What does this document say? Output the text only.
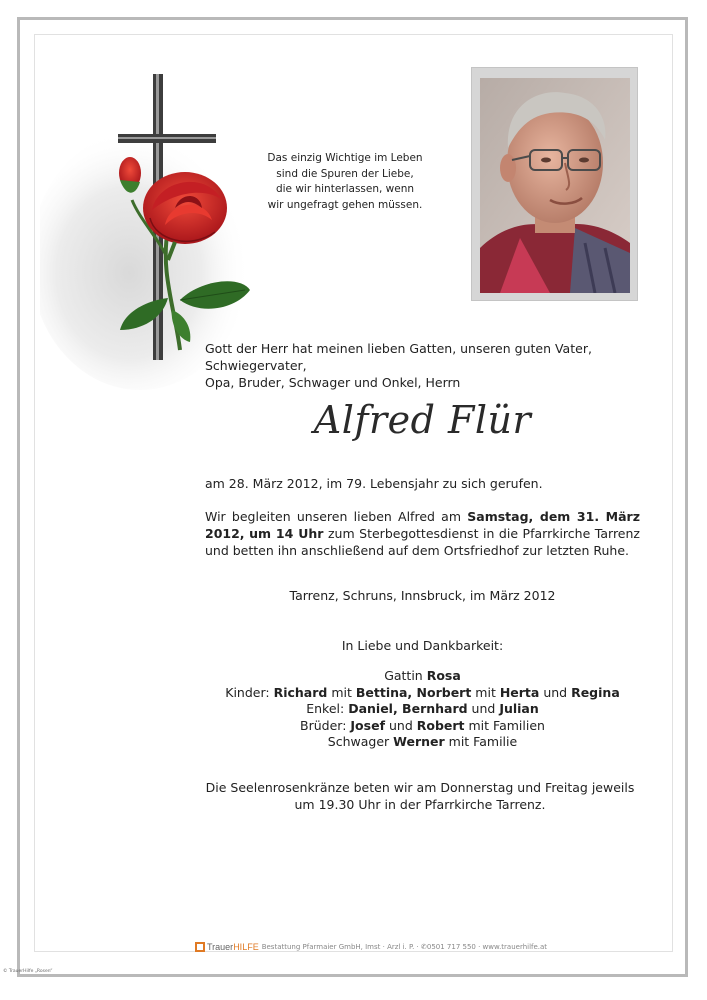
Das einzig Wichtige im Leben
sind die Spuren der Liebe,
die wir hinterlassen, wenn
wir ungefragt gehen müssen.
Gott der Herr hat meinen lieben Gatten, unseren guten Vater, Schwiegervater,
Opa, Bruder, Schwager und Onkel, Herrn
Alfred Flür
am 28. März 2012, im 79. Lebensjahr zu sich gerufen.
Wir begleiten unseren lieben Alfred am Samstag, dem 31. März 2012, um 14 Uhr zum Sterbegottesdienst in die Pfarrkirche Tarrenz und betten ihn anschließend auf dem Ortsfriedhof zur letzten Ruhe.
Tarrenz, Schruns, Innsbruck, im März 2012
In Liebe und Dankbarkeit:
Gattin Rosa
Kinder: Richard mit Bettina, Norbert mit Herta und Regina
Enkel: Daniel, Bernhard und Julian
Brüder: Josef und Robert mit Familien
Schwager Werner mit Familie
Die Seelenrosenkränze beten wir am Donnerstag und Freitag jeweils
um 19.30 Uhr in der Pfarrkirche Tarrenz.
TrauerHILFE Bestattung Pfarmaier GmbH, Imst · Arzl i. P. · ✆0501 717 550 · www.trauerhilfe.at
© TrauerHilfe „Rosen“
